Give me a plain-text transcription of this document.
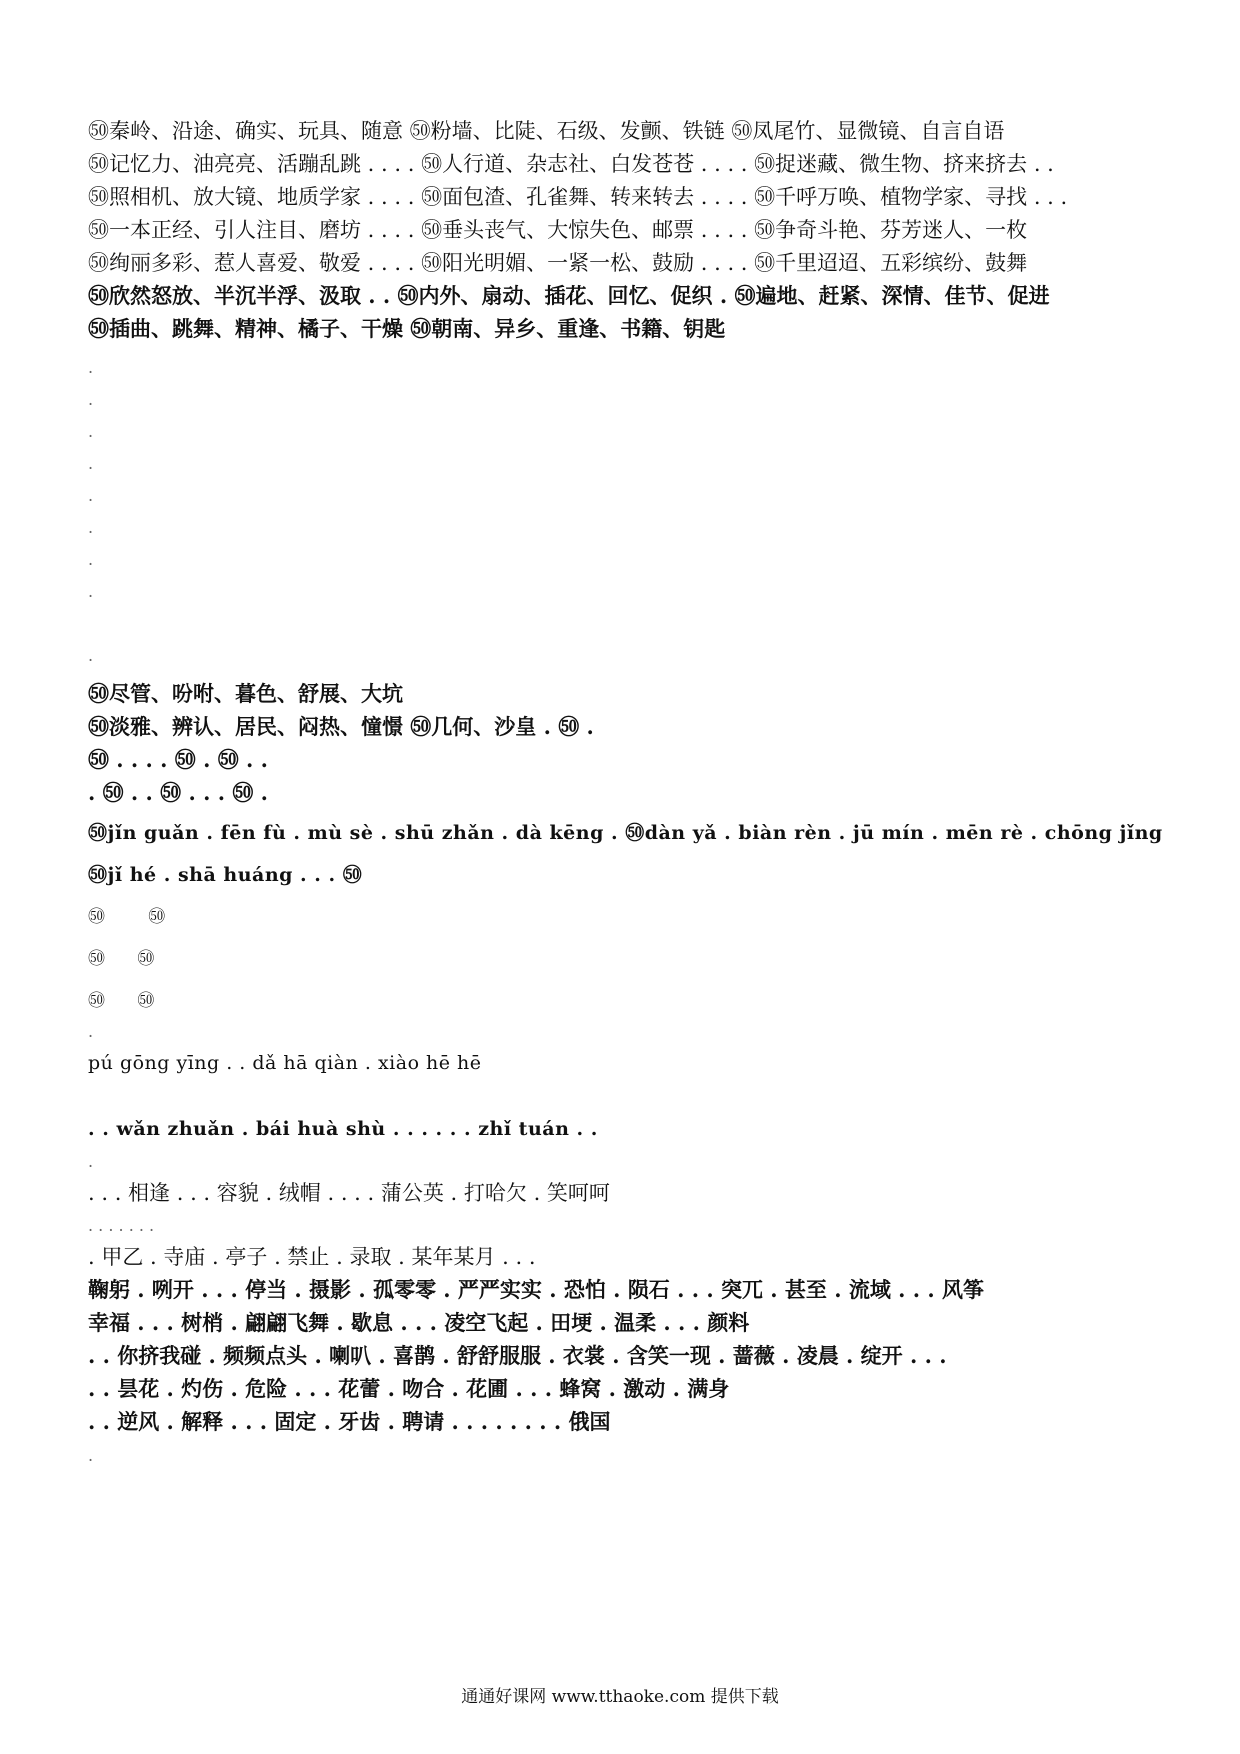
㊿秦岭、沿途、确实、玩具、随意 ㊿粉墙、比陡、石级、发颤、铁链 ㊿凤尾竹、显微镜、自言自语
㊿记忆力、油亮亮、活蹦乱跳 . . . . ㊿人行道、杂志社、白发苍苍 . . . . ㊿捉迷藏、微生物、挤来挤去 . .
㊿照相机、放大镜、地质学家 . . . . ㊿面包渣、孔雀舞、转来转去 . . . . ㊿千呼万唤、植物学家、寻找 . . .
㊿一本正经、引人注目、磨坊 . . . . ㊿垂头丧气、大惊失色、邮票 . . . . ㊿争奇斗艳、芬芳迷人、一枚
㊿绚丽多彩、惹人喜爱、敬爱 . . . . ㊿阳光明媚、一紧一松、鼓励 . . . . ㊿千里迢迢、五彩缤纷、鼓舞
㊿欣然怒放、半沉半浮、汲取 . . ㊿内外、扇动、插花、回忆、促织 . ㊿遍地、赶紧、深情、佳节、促进
㊿插曲、跳舞、精神、橘子、干燥 ㊿朝南、异乡、重逢、书籍、钥匙
.
.
.
.
.
.
.
.
.
㊿尽管、吩咐、暮色、舒展、大坑
㊿淡雅、辨认、居民、闷热、憧憬 ㊿几何、沙皇 . ㊿ .
㊿ . . . . ㊿ . ㊿ . .
. ㊿ . . ㊿ . . . ㊿ .
㊿jǐn guǎn . fēn fù . mù sè . shū zhǎn . dà kēng . ㊿dàn yǎ . biàn rèn . jū mín . mēn rè . chōng jǐng
㊿jǐ hé . shā huáng . . . ㊿
㊿        ㊿
㊿      ㊿
㊿      ㊿
.
pú gōng yīng . . dǎ hā qiàn . xiào hē hē
. . wǎn zhuǎn . bái huà shù . . . . . . zhǐ tuán . .
.
. . . 相逢 . . . 容貌 . 绒帽 . . . . 蒲公英 . 打哈欠 . 笑呵呵
. . . . . . .
. 甲乙 . 寺庙 . 亭子 . 禁止 . 录取 . 某年某月 . . .
鞠躬 . 咧开 . . . 停当 . 摄影 . 孤零零 . 严严实实 . 恐怕 . 陨石 . . . 突兀 . 甚至 . 流域 . . . 风筝
幸福 . . . 树梢 . 翩翩飞舞 . 歇息 . . . 凌空飞起 . 田埂 . 温柔 . . . 颜料
. . 你挤我碰 . 频频点头 . 喇叭 . 喜鹊 . 舒舒服服 . 衣裳 . 含笑一现 . 蔷薇 . 凌晨 . 绽开 . . .
. . 昙花 . 灼伤 . 危险 . . . 花蕾 . 吻合 . 花圃 . . . 蜂窝 . 激动 . 满身
. . 逆风 . 解释 . . . 固定 . 牙齿 . 聘请 . . . . . . . . 俄国
.
通通好课网 www.tthaoke.com 提供下载
